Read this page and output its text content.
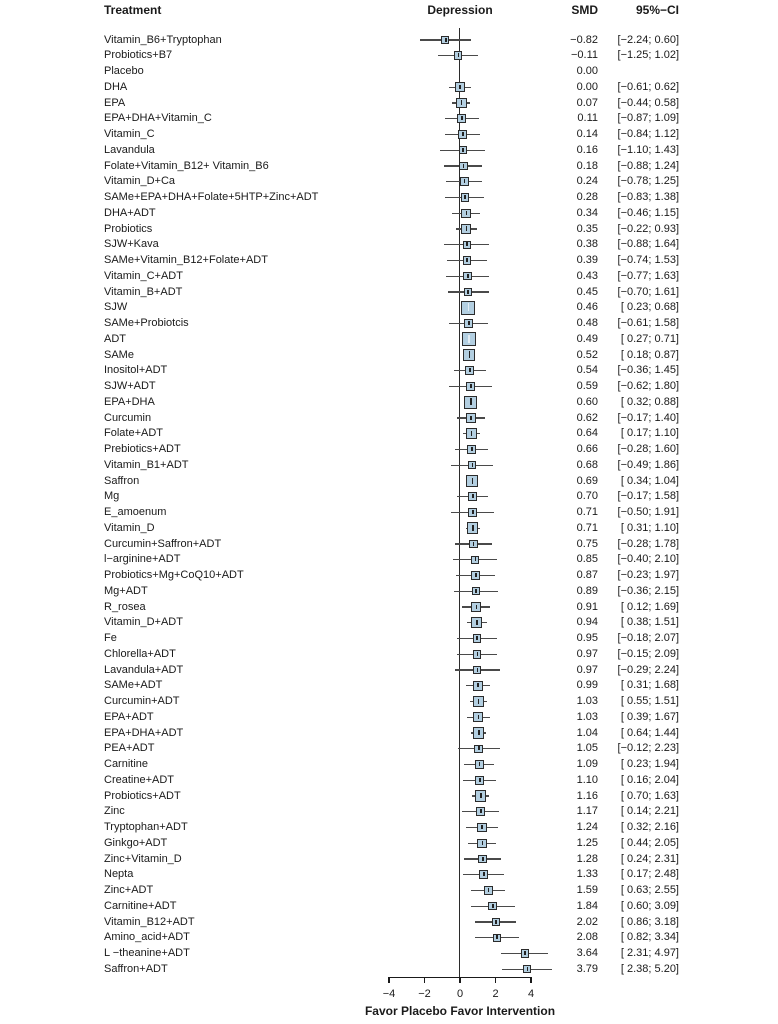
Treatment	Depression	SMD	95%−CI
Vitamin_B6+Tryptophan	−0.82	[−2.24; 0.60]
Probiotics+B7	−0.11	[−1.25; 1.02]
Placebo	0.00
DHA	0.00	[−0.61; 0.62]
EPA	0.07	[−0.44; 0.58]
EPA+DHA+Vitamin_C	0.11	[−0.87; 1.09]
Vitamin_C	0.14	[−0.84; 1.12]
Lavandula	0.16	[−1.10; 1.43]
Folate+Vitamin_B12+ Vitamin_B6	0.18	[−0.88; 1.24]
Vitamin_D+Ca	0.24	[−0.78; 1.25]
SAMe+EPA+DHA+Folate+5HTP+Zinc+ADT	0.28	[−0.83; 1.38]
DHA+ADT	0.34	[−0.46; 1.15]
Probiotics	0.35	[−0.22; 0.93]
SJW+Kava	0.38	[−0.88; 1.64]
SAMe+Vitamin_B12+Folate+ADT	0.39	[−0.74; 1.53]
Vitamin_C+ADT	0.43	[−0.77; 1.63]
Vitamin_B+ADT	0.45	[−0.70; 1.61]
SJW	0.46	[ 0.23; 0.68]
SAMe+Probiotcis	0.48	[−0.61; 1.58]
ADT	0.49	[ 0.27; 0.71]
SAMe	0.52	[ 0.18; 0.87]
Inositol+ADT	0.54	[−0.36; 1.45]
SJW+ADT	0.59	[−0.62; 1.80]
EPA+DHA	0.60	[ 0.32; 0.88]
Curcumin	0.62	[−0.17; 1.40]
Folate+ADT	0.64	[ 0.17; 1.10]
Prebiotics+ADT	0.66	[−0.28; 1.60]
Vitamin_B1+ADT	0.68	[−0.49; 1.86]
Saffron	0.69	[ 0.34; 1.04]
Mg	0.70	[−0.17; 1.58]
E_amoenum	0.71	[−0.50; 1.91]
Vitamin_D	0.71	[ 0.31; 1.10]
Curcumin+Saffron+ADT	0.75	[−0.28; 1.78]
l−arginine+ADT	0.85	[−0.40; 2.10]
Probiotics+Mg+CoQ10+ADT	0.87	[−0.23; 1.97]
Mg+ADT	0.89	[−0.36; 2.15]
R_rosea	0.91	[ 0.12; 1.69]
Vitamin_D+ADT	0.94	[ 0.38; 1.51]
Fe	0.95	[−0.18; 2.07]
Chlorella+ADT	0.97	[−0.15; 2.09]
Lavandula+ADT	0.97	[−0.29; 2.24]
SAMe+ADT	0.99	[ 0.31; 1.68]
Curcumin+ADT	1.03	[ 0.55; 1.51]
EPA+ADT	1.03	[ 0.39; 1.67]
EPA+DHA+ADT	1.04	[ 0.64; 1.44]
PEA+ADT	1.05	[−0.12; 2.23]
Carnitine	1.09	[ 0.23; 1.94]
Creatine+ADT	1.10	[ 0.16; 2.04]
Probiotics+ADT	1.16	[ 0.70; 1.63]
Zinc	1.17	[ 0.14; 2.21]
Tryptophan+ADT	1.24	[ 0.32; 2.16]
Ginkgo+ADT	1.25	[ 0.44; 2.05]
Zinc+Vitamin_D	1.28	[ 0.24; 2.31]
Nepta	1.33	[ 0.17; 2.48]
Zinc+ADT	1.59	[ 0.63; 2.55]
Carnitine+ADT	1.84	[ 0.60; 3.09]
Vitamin_B12+ADT	2.02	[ 0.86; 3.18]
Amino_acid+ADT	2.08	[ 0.82; 3.34]
L −theanine+ADT	3.64	[ 2.31; 4.97]
Saffron+ADT	3.79	[ 2.38; 5.20]
−4 −2 0	2	4
Favor Placebo Favor Intervention
